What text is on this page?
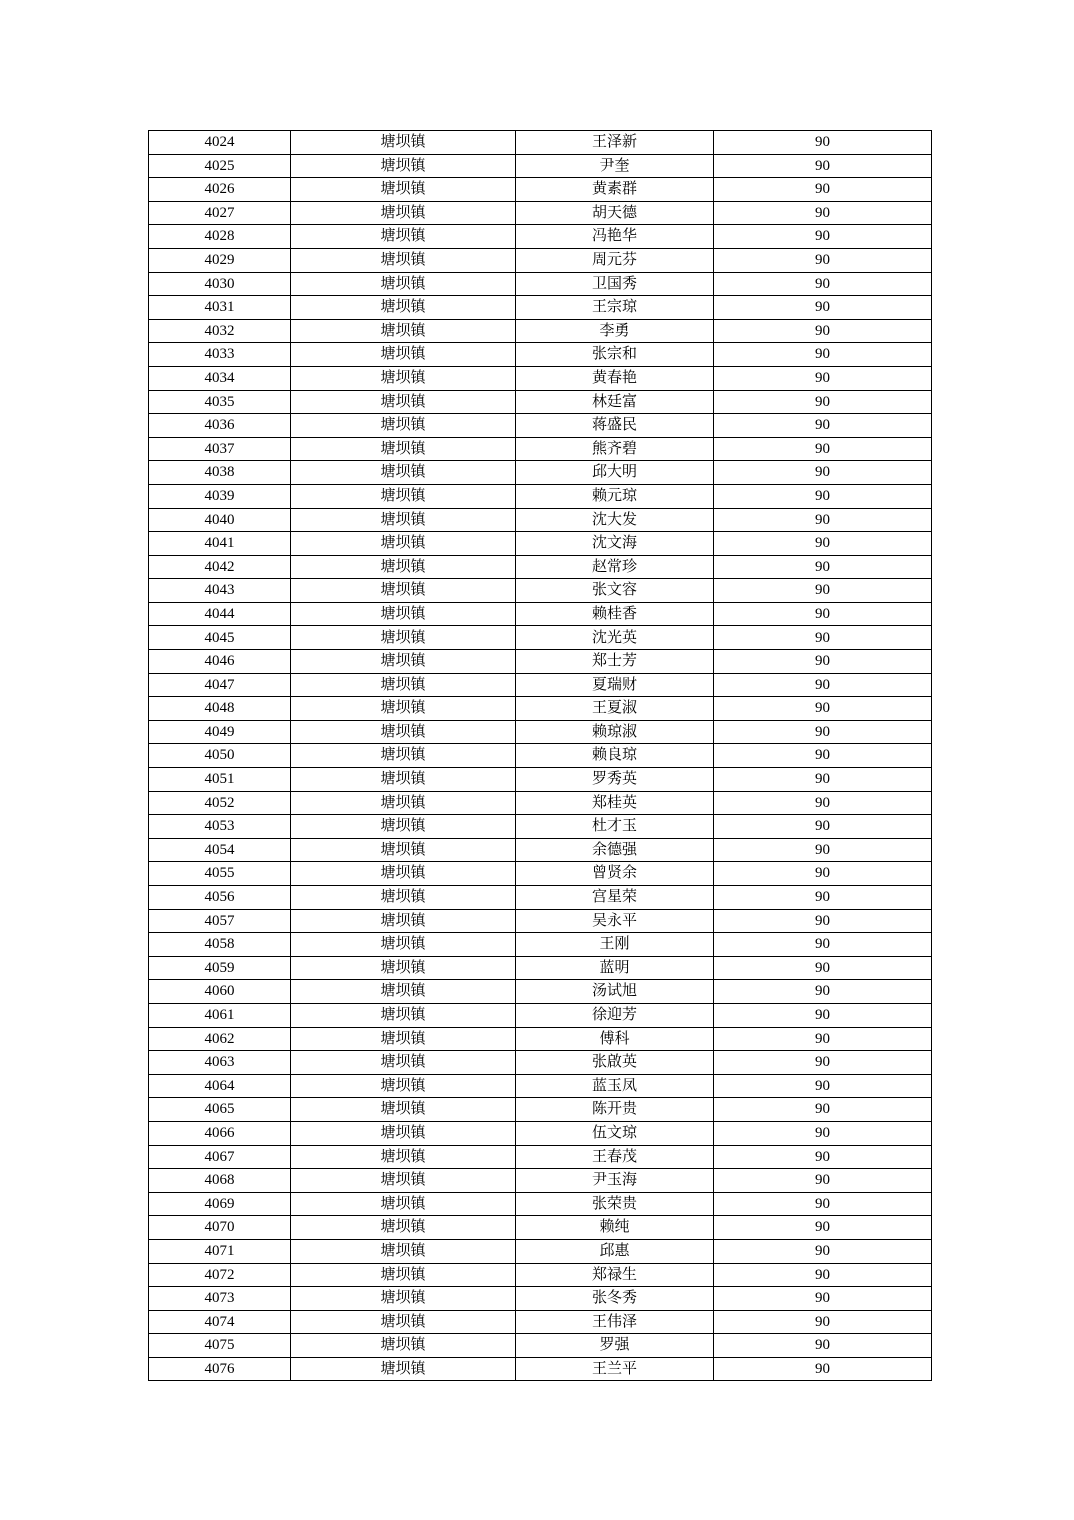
4024	塘坝镇	王泽新	90
4025	塘坝镇	尹奎	90
4026	塘坝镇	黄素群	90
4027	塘坝镇	胡天德	90
4028	塘坝镇	冯艳华	90
4029	塘坝镇	周元芬	90
4030	塘坝镇	卫国秀	90
4031	塘坝镇	王宗琼	90
4032	塘坝镇	李勇	90
4033	塘坝镇	张宗和	90
4034	塘坝镇	黄春艳	90
4035	塘坝镇	林廷富	90
4036	塘坝镇	蒋盛民	90
4037	塘坝镇	熊齐碧	90
4038	塘坝镇	邱大明	90
4039	塘坝镇	赖元琼	90
4040	塘坝镇	沈大发	90
4041	塘坝镇	沈文海	90
4042	塘坝镇	赵常珍	90
4043	塘坝镇	张文容	90
4044	塘坝镇	赖桂香	90
4045	塘坝镇	沈光英	90
4046	塘坝镇	郑士芳	90
4047	塘坝镇	夏瑞财	90
4048	塘坝镇	王夏淑	90
4049	塘坝镇	赖琼淑	90
4050	塘坝镇	赖良琼	90
4051	塘坝镇	罗秀英	90
4052	塘坝镇	郑桂英	90
4053	塘坝镇	杜才玉	90
4054	塘坝镇	余德强	90
4055	塘坝镇	曾贤余	90
4056	塘坝镇	宫星荣	90
4057	塘坝镇	吴永平	90
4058	塘坝镇	王刚	90
4059	塘坝镇	蓝明	90
4060	塘坝镇	汤试旭	90
4061	塘坝镇	徐迎芳	90
4062	塘坝镇	傅科	90
4063	塘坝镇	张啟英	90
4064	塘坝镇	蓝玉凤	90
4065	塘坝镇	陈开贵	90
4066	塘坝镇	伍文琼	90
4067	塘坝镇	王春茂	90
4068	塘坝镇	尹玉海	90
4069	塘坝镇	张荣贵	90
4070	塘坝镇	赖纯	90
4071	塘坝镇	邱惠	90
4072	塘坝镇	郑禄生	90
4073	塘坝镇	张冬秀	90
4074	塘坝镇	王伟泽	90
4075	塘坝镇	罗强	90
4076	塘坝镇	王兰平	90
